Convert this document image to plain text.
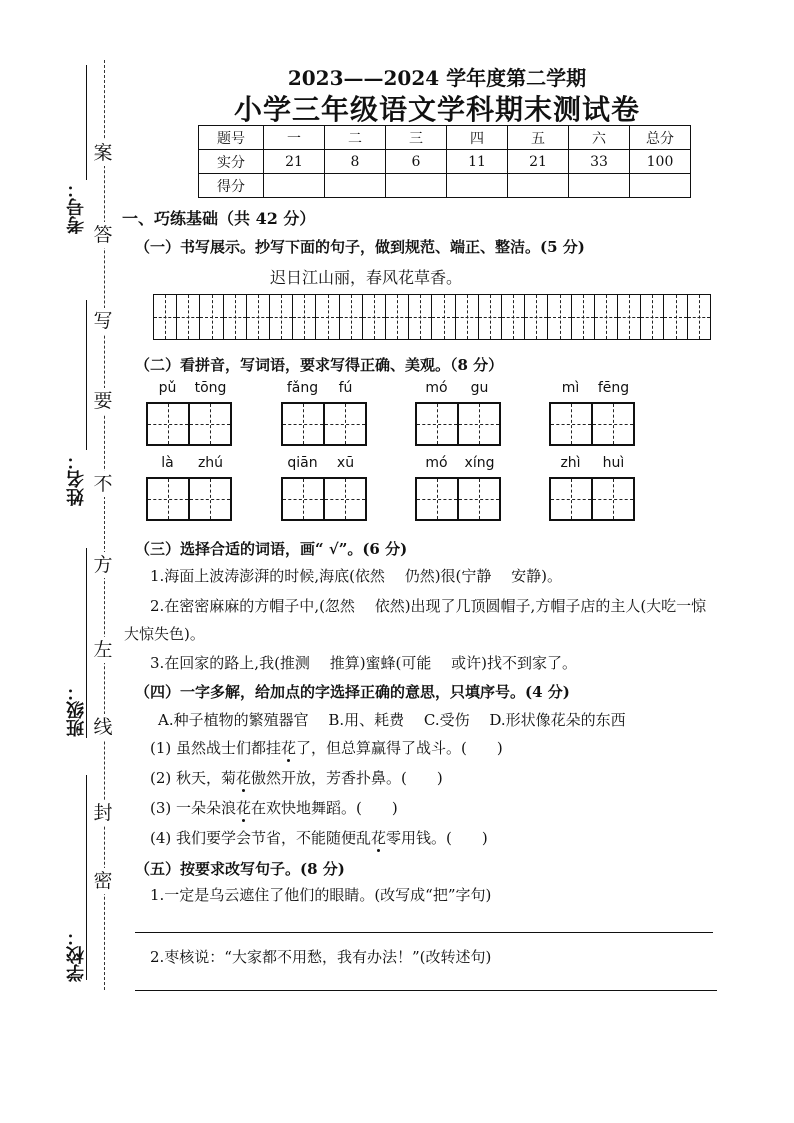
学校：
班级：
姓名：
考号：
密
封
线
左
方
不
要
写
答
案
2023——2024 学年度第二学期
小学三年级语文学科期末测试卷
题号	一	二	三	四	五	六	总分
实分	21	8	6	11	21	33	100
得分							
一、巧练基础（共 42 分）
（一）书写展示。抄写下面的句子，做到规范、端正、整洁。(5 分)
迟日江山丽，春风花草香。
（二）看拼音，写词语，要求写得正确、美观。（8 分）
pǔ	tōng	fǎng	fú	mó	gu	mì	fēng
là	zhú	qiān	xū	mó	xíng	zhì	huì
（三）选择合适的词语，画“ √”。(6 分)
1.海面上波涛澎湃的时候,海底(依然　 仍然)很(宁静　 安静)。
2.在密密麻麻的方帽子中,(忽然　 依然)出现了几顶圆帽子,方帽子店的主人(大吃一惊
大惊失色)。
3.在回家的路上,我(推测　 推算)蜜蜂(可能　 或许)找不到家了。
（四）一字多解，给加点的字选择正确的意思，只填序号。(4 分)
A.种子植物的繁殖器官　 B.用、耗费　 C.受伤　 D.形状像花朵的东西
(1) 虽然战士们都挂花了，但总算赢得了战斗。(　　)
(2) 秋天，菊花傲然开放，芳香扑鼻。(　　)
(3) 一朵朵浪花在欢快地舞蹈。(　　)
(4) 我们要学会节省，不能随便乱花零用钱。(　　)
（五）按要求改写句子。(8 分)
1.一定是乌云遮住了他们的眼睛。(改写成“把”字句)
2.枣核说：“大家都不用愁，我有办法！”(改转述句)
